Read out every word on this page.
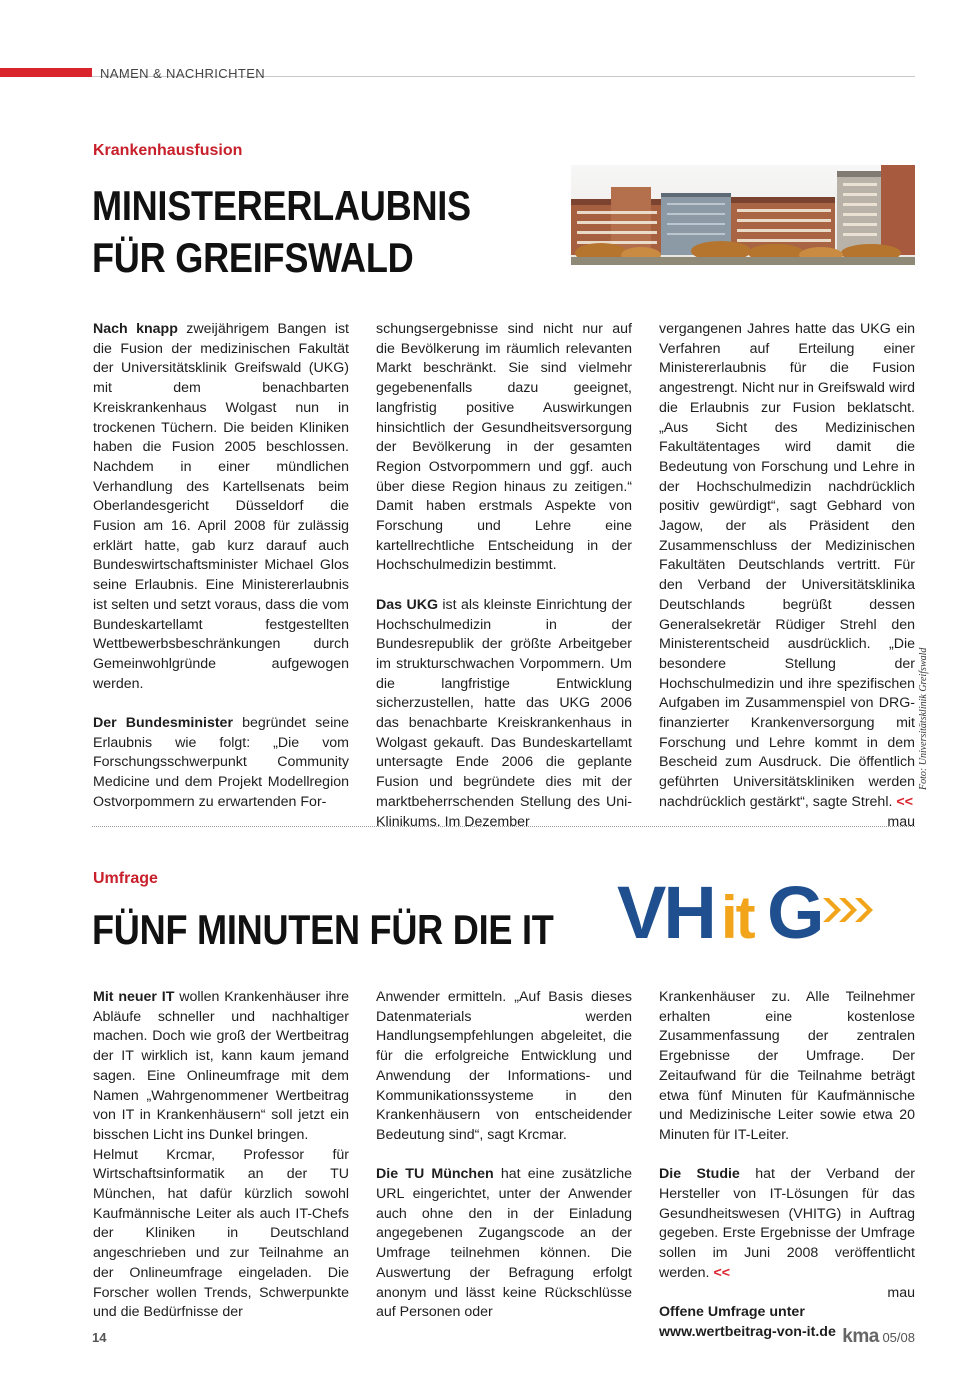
NAMEN & NACHRICHTEN
Krankenhausfusion
MINISTERERLAUBNIS
FÜR GREIFSWALD

Nach knapp zweijährigem Bangen ist die Fusion der medizinischen Fakultät der Universitätsklinik Greifswald (UKG) mit dem benachbarten Kreiskrankenhaus Wolgast nun in trockenen Tüchern. Die beiden Kliniken haben die Fusion 2005 beschlossen. Nachdem in einer mündlichen Verhandlung des Kartellsenats beim Oberlandesgericht Düsseldorf die Fusion am 16. April 2008 für zulässig erklärt hatte, gab kurz darauf auch Bundeswirtschaftsminister Michael Glos seine Erlaubnis. Eine Ministererlaubnis ist selten und setzt voraus, dass die vom Bundeskartellamt festgestellten Wettbewerbsbeschränkungen durch Gemeinwohlgründe aufgewogen werden.

Der Bundesminister begründet seine Erlaubnis wie folgt: „Die vom Forschungsschwerpunkt Community Medicine und dem Projekt Modellregion Ostvorpommern zu erwartenden For-

schungsergebnisse sind nicht nur auf die Bevölkerung im räumlich relevanten Markt beschränkt. Sie sind vielmehr gegebenenfalls dazu geeignet, langfristig positive Auswirkungen hinsichtlich der Gesundheitsversorgung der Bevölkerung in der gesamten Region Ostvorpommern und ggf. auch über diese Region hinaus zu zeitigen.“ Damit haben erstmals Aspekte von Forschung und Lehre eine kartellrechtliche Entscheidung in der Hochschulmedizin bestimmt.

Das UKG ist als kleinste Einrichtung der Hochschulmedizin in der Bundesrepublik der größte Arbeitgeber im strukturschwachen Vorpommern. Um die langfristige Entwicklung sicherzustellen, hatte das UKG 2006 das benachbarte Kreiskrankenhaus in Wolgast gekauft. Das Bundeskartellamt untersagte Ende 2006 die geplante Fusion und begründete dies mit der marktbeherrschenden Stellung des Uni-Klinikums. Im Dezember

vergangenen Jahres hatte das UKG ein Verfahren auf Erteilung einer Ministererlaubnis für die Fusion angestrengt. Nicht nur in Greifswald wird die Erlaubnis zur Fusion beklatscht. „Aus Sicht des Medizinischen Fakultätentages wird damit die Bedeutung von Forschung und Lehre in der Hochschulmedizin nachdrücklich positiv gewürdigt“, sagt Gebhard von Jagow, der als Präsident den Zusammenschluss der Medizinischen Fakultäten Deutschlands vertritt. Für den Verband der Universitätsklinika Deutschlands begrüßt dessen Generalsekretär Rüdiger Strehl den Ministerentscheid ausdrücklich. „Die besondere Stellung der Hochschulmedizin und ihre spezifischen Aufgaben im Zusammenspiel von DRG-finanzierter Krankenversorgung mit Forschung und Lehre kommt in dem Bescheid zum Ausdruck. Die öffentlich geführten Universitätskliniken werden nachdrücklich gestärkt“, sagte Strehl. <<

mau

Foto: Universitätsklinik Greifswald
Umfrage
FÜNF MINUTEN FÜR DIE IT VH it G

Mit neuer IT wollen Krankenhäuser ihre Abläufe schneller und nachhaltiger machen. Doch wie groß der Wertbeitrag der IT wirklich ist, kann kaum jemand sagen. Eine Onlineumfrage mit dem Namen „Wahrgenommener Wertbeitrag von IT in Krankenhäusern“ soll jetzt ein bisschen Licht ins Dunkel bringen.

Helmut Krcmar, Professor für Wirtschaftsinformatik an der TU München, hat dafür kürzlich sowohl Kaufmännische Leiter als auch IT-Chefs der Kliniken in Deutschland angeschrieben und zur Teilnahme an der Onlineumfrage eingeladen. Die Forscher wollen Trends, Schwerpunkte und die Bedürfnisse der

Anwender ermitteln. „Auf Basis dieses Datenmaterials werden Handlungsempfehlungen abgeleitet, die für die erfolgreiche Entwicklung und Anwendung der Informations- und Kommunikationssysteme in den Krankenhäusern von entscheidender Bedeutung sind“, sagt Krcmar.

Die TU München hat eine zusätzliche URL eingerichtet, unter der Anwender auch ohne den in der Einladung angegebenen Zugangscode an der Umfrage teilnehmen können. Die Auswertung der Befragung erfolgt anonym und lässt keine Rückschlüsse auf Personen oder

Krankenhäuser zu. Alle Teilnehmer erhalten eine kostenlose Zusammenfassung der zentralen Ergebnisse der Umfrage. Der Zeitaufwand für die Teilnahme beträgt etwa fünf Minuten für Kaufmännische und Medizinische Leiter sowie etwa 20 Minuten für IT-Leiter.

Die Studie hat der Verband der Hersteller von IT-Lösungen für das Gesundheitswesen (VHITG) in Auftrag gegeben. Erste Ergebnisse der Umfrage sollen im Juni 2008 veröffentlicht werden. <<

mau

Offene Umfrage unter

www.wertbeitrag-von-it.de

14	kma 05/08
